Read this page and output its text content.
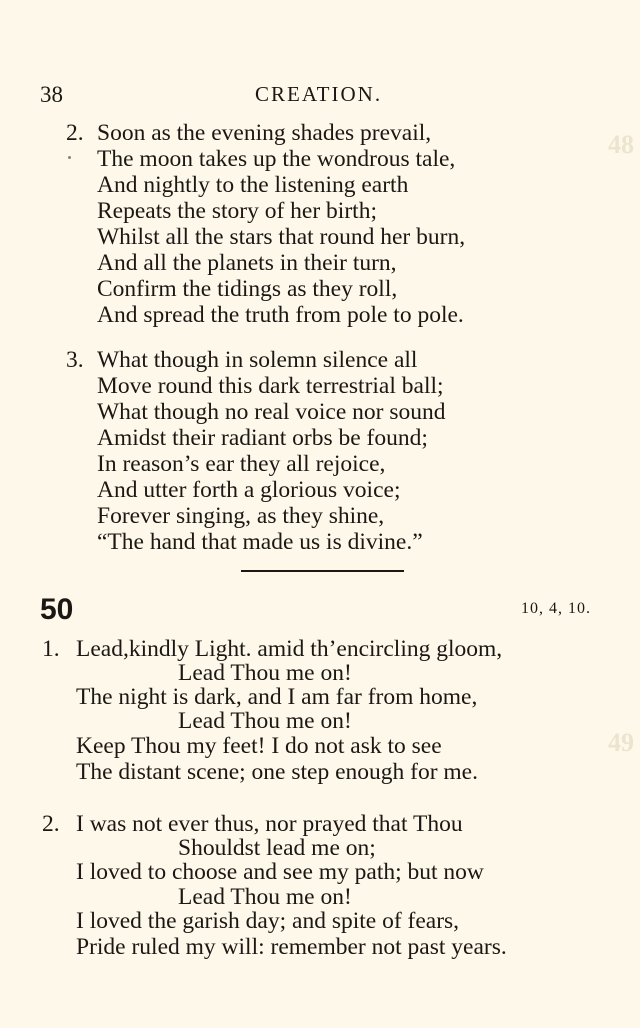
48
49
38	CREATION.
2. Soon as the evening shades prevail,
The moon takes up the wondrous tale,
And nightly to the listening earth
Repeats the story of her birth;
Whilst all the stars that round her burn,
And all the planets in their turn,
Confirm the tidings as they roll,
And spread the truth from pole to pole.
3. What though in solemn silence all
Move round this dark terrestrial ball;
What though no real voice nor sound
Amidst their radiant orbs be found;
In reason’s ear they all rejoice,
And utter forth a glorious voice;
Forever singing, as they shine,
“The hand that made us is divine.”
50	10, 4, 10.
1. Lead,kindly Light. amid th’encircling gloom,
Lead Thou me on!
The night is dark, and I am far from home,
Lead Thou me on!
Keep Thou my feet! I do not ask to see
The distant scene; one step enough for me.
2. I was not ever thus, nor prayed that Thou
Shouldst lead me on;
I loved to choose and see my path; but now
Lead Thou me on!
I loved the garish day; and spite of fears,
Pride ruled my will: remember not past years.
